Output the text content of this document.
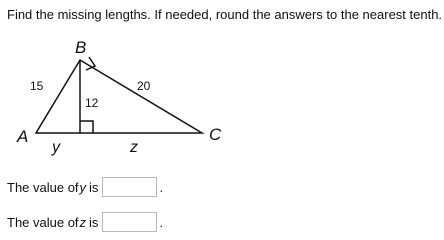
Find the missing lengths. If needed, round the answers to the nearest tenth.
B
A	C
15	20
12
y	z
The value of y is	.
The value of z is	.
